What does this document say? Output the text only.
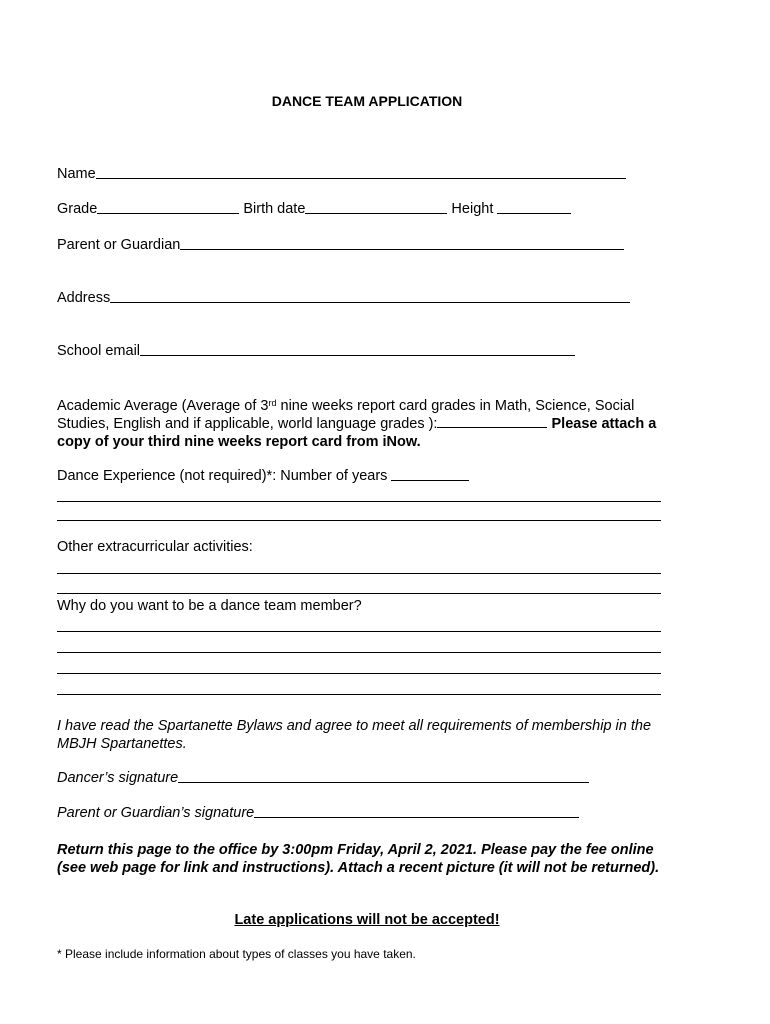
DANCE TEAM APPLICATION
Name
Grade	Birth date	Height
Parent or Guardian
Address
School email
Academic Average (Average of 3rd nine weeks report card grades in Math, Science, Social Studies, English and if applicable, world language grades ):	Please attach a copy of your third nine weeks report card from iNow.
Dance Experience (not required)*: Number of years
Other extracurricular activities:
Why do you want to be a dance team member?
I have read the Spartanette Bylaws and agree to meet all requirements of membership in the MBJH Spartanettes.
Dancer’s signature
Parent or Guardian’s signature
Return this page to the office by 3:00pm Friday, April 2, 2021. Please pay the fee online (see web page for link and instructions). Attach a recent picture (it will not be returned).
Late applications will not be accepted!
* Please include information about types of classes you have taken.
